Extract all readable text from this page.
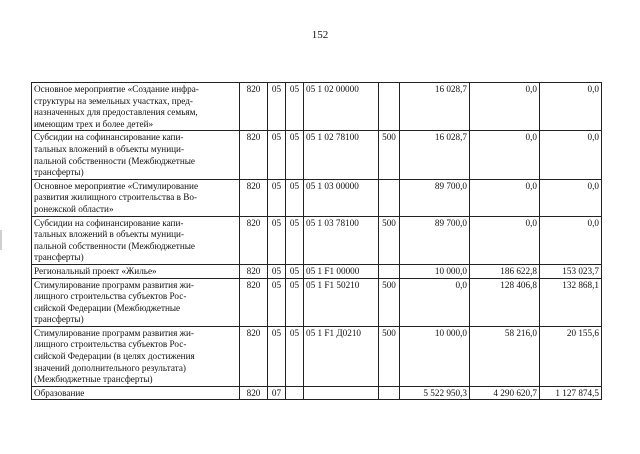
152
Основное мероприятие «Создание инфра-
структуры на земельных участках, пред-
назначенных для предоставления семьям,
имеющим трех и более детей»	820	05	05	05 1 02 00000		16 028,7	0,0	0,0

Субсидии на софинансирование капи-
тальных вложений в объекты муници-
пальной собственности (Межбюджетные
трансферты)	820	05	05	05 1 02 78100	500	16 028,7	0,0	0,0

Основное мероприятие «Стимулирование
развития жилищного строительства в Во-
ронежской области»	820	05	05	05 1 03 00000		89 700,0	0,0	0,0

Субсидии на софинансирование капи-
тальных вложений в объекты муници-
пальной собственности (Межбюджетные
трансферты)	820	05	05	05 1 03 78100	500	89 700,0	0,0	0,0

Региональный проект «Жилье»	820	05	05	05 1 F1 00000		10 000,0	186 622,8	153 023,7

Стимулирование программ развития жи-
лищного строительства субъектов Рос-
сийской Федерации (Межбюджетные
трансферты)	820	05	05	05 1 F1 50210	500	0,0	128 406,8	132 868,1

Стимулирование программ развития жи-
лищного строительства субъектов Рос-
сийской Федерации (в целях достижения
значений дополнительного результата)
(Межбюджетные трансферты)	820	05	05	05 1 F1 Д0210	500	10 000,0	58 216,0	20 155,6

Образование	820	07				5 522 950,3	4 290 620,7	1 127 874,5
